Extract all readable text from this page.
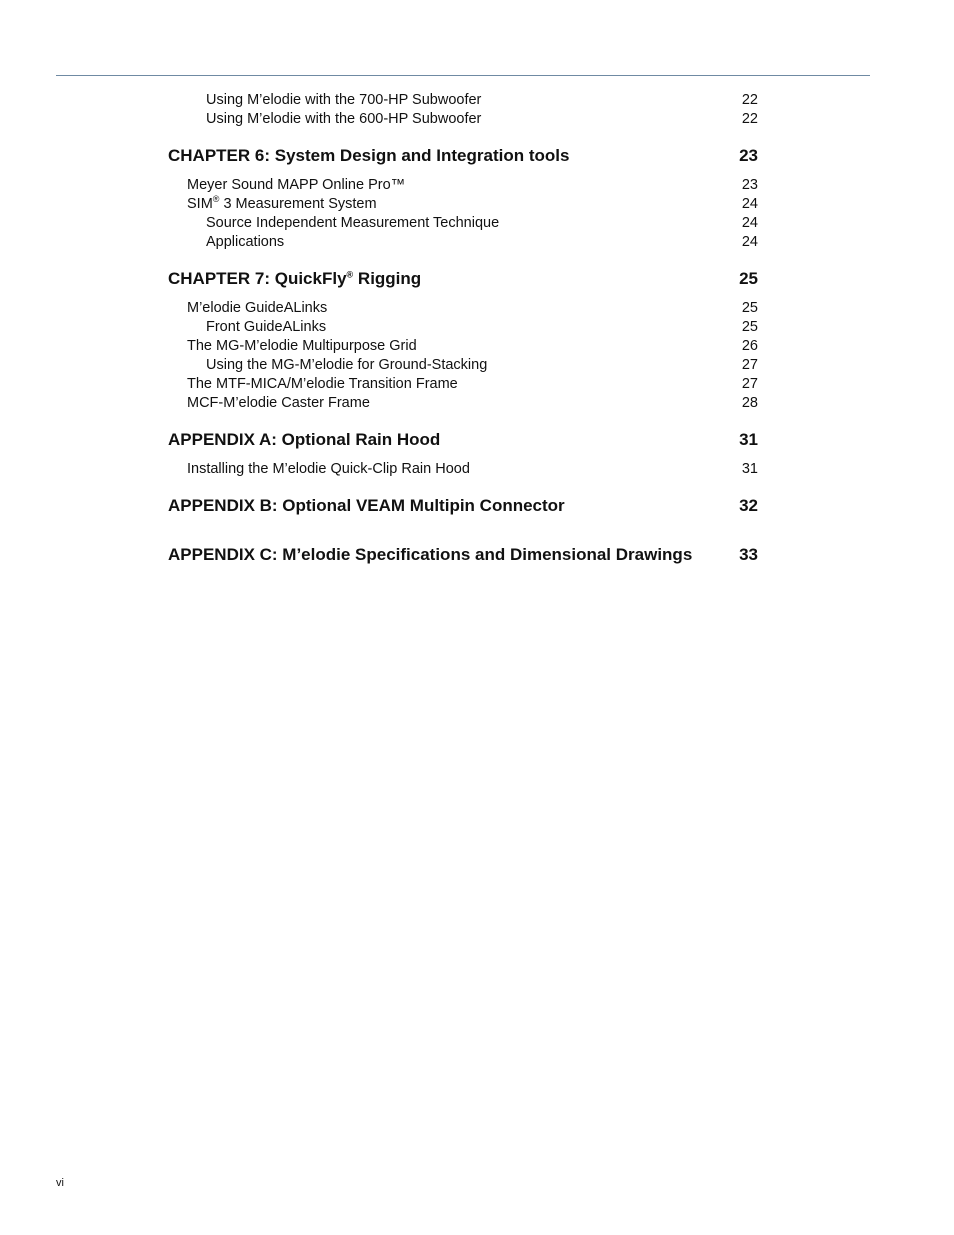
Using M’elodie with the 700-HP Subwoofer	22
Using M’elodie with the 600-HP Subwoofer	22
CHAPTER 6: System Design and Integration tools	23
Meyer Sound MAPP Online Pro™	23
SIM® 3 Measurement System	24
Source Independent Measurement Technique	24
Applications	24
CHAPTER 7: QuickFly® Rigging	25
M’elodie GuideALinks	25
Front GuideALinks	25
The MG-M’elodie Multipurpose Grid	26
Using the MG-M’elodie for Ground-Stacking	27
The MTF-MICA/M’elodie Transition Frame	27
MCF-M’elodie Caster Frame	28
APPENDIX A: Optional Rain Hood	31
Installing the M’elodie Quick-Clip Rain Hood	31
APPENDIX B: Optional VEAM Multipin Connector	32
APPENDIX C: M’elodie Specifications and Dimensional Drawings	33
vi
